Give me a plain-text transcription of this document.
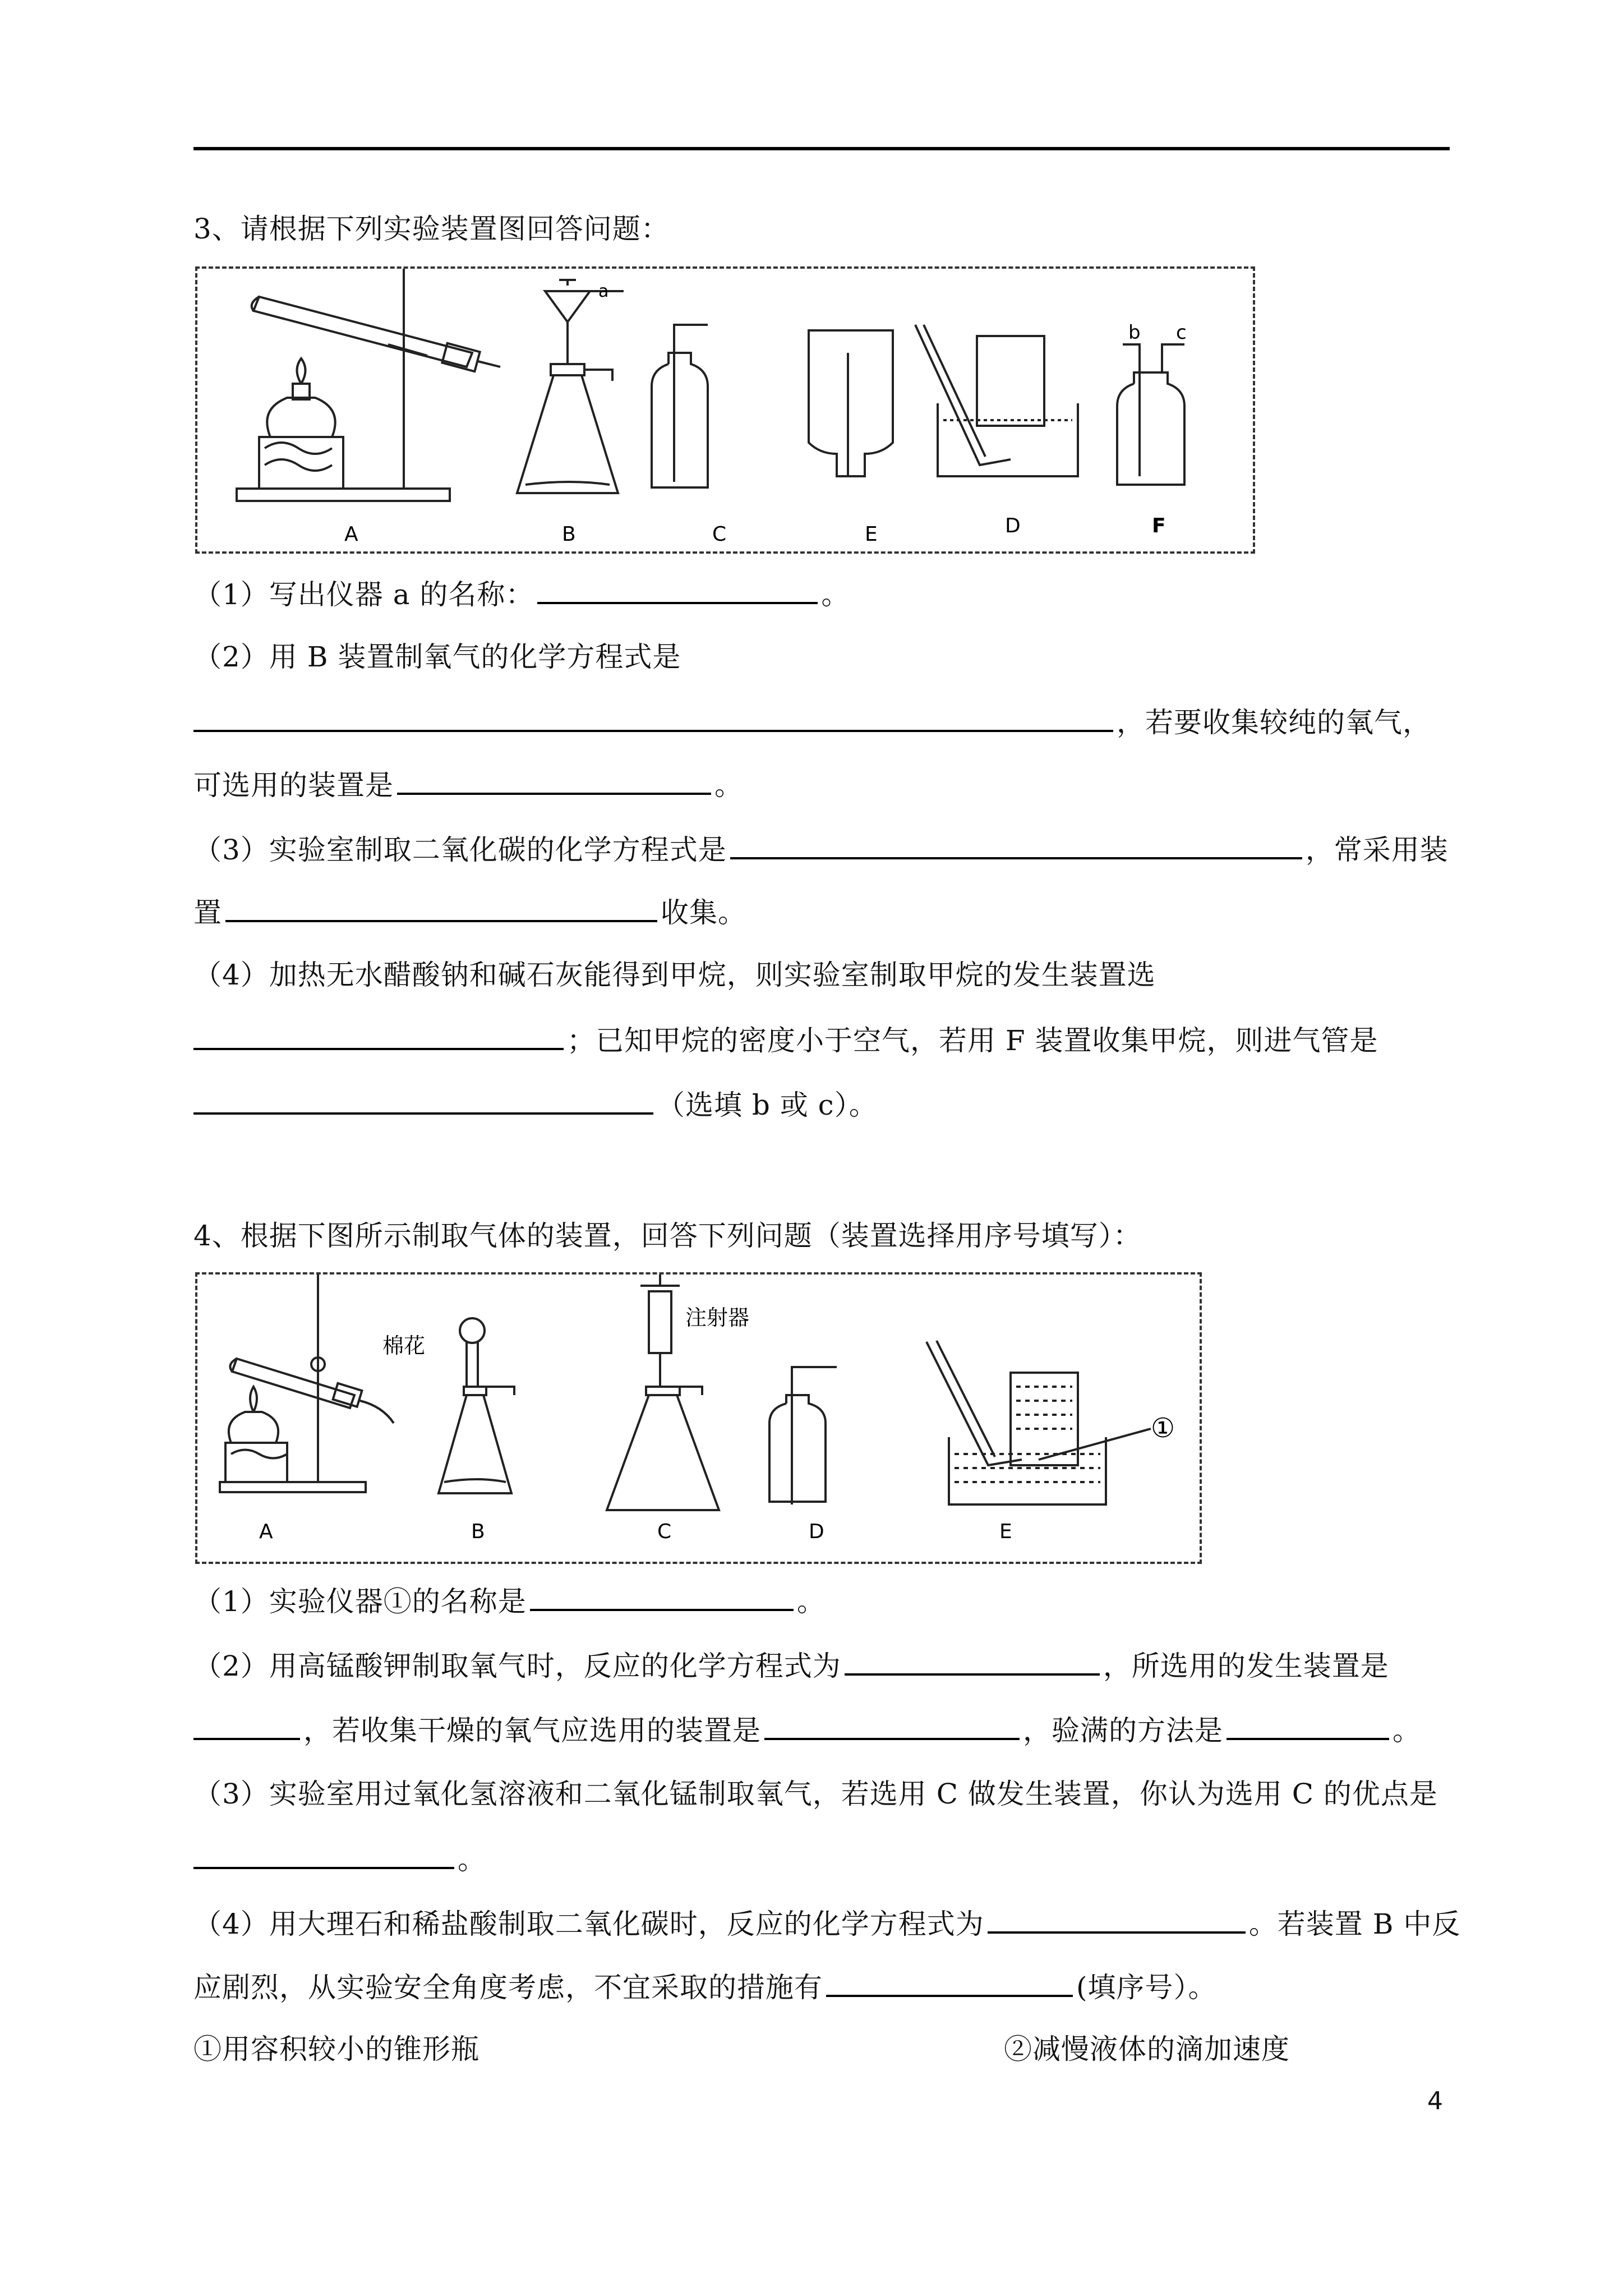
3、请根据下列实验装置图回答问题：
a
b c
A	B	C	E	D	F
（1）写出仪器 a 的名称：	。
（2）用 B 装置制氧气的化学方程式是
，若要收集较纯的氧气，
可选用的装置是	。
（3）实验室制取二氧化碳的化学方程式是	，常采用装
置	收集。
（4）加热无水醋酸钠和碱石灰能得到甲烷，则实验室制取甲烷的发生装置选
；已知甲烷的密度小于空气，若用 F 装置收集甲烷，则进气管是
（选填 b 或 c）。
4、根据下图所示制取气体的装置，回答下列问题（装置选择用序号填写）：
棉花
注射器
①
A	B	C	D	E
（1）实验仪器①的名称是	。
（2）用高锰酸钾制取氧气时，反应的化学方程式为	，所选用的发生装置是
，若收集干燥的氧气应选用的装置是	，验满的方法是	。
（3）实验室用过氧化氢溶液和二氧化锰制取氧气，若选用 C 做发生装置，你认为选用 C 的优点是
。
（4）用大理石和稀盐酸制取二氧化碳时，反应的化学方程式为	。若装置 B 中反
应剧烈，从实验安全角度考虑，不宜采取的措施有	(填序号）。
①用容积较小的锥形瓶	②减慢液体的滴加速度
4
